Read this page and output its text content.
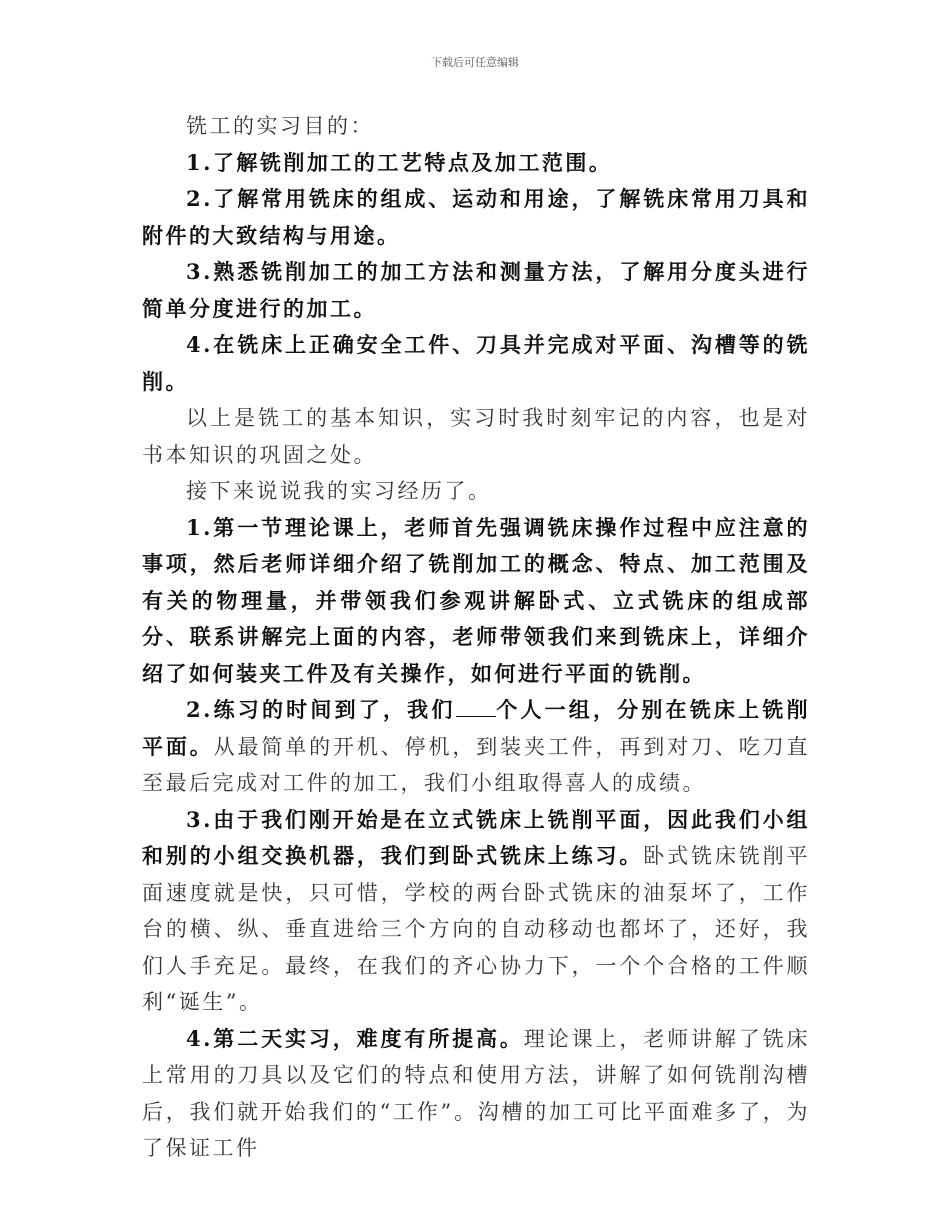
下载后可任意编辑

铣工的实习目的：

1.了解铣削加工的工艺特点及加工范围。

2.了解常用铣床的组成、运动和用途，了解铣床常用刀具和附件的大致结构与用途。

3.熟悉铣削加工的加工方法和测量方法，了解用分度头进行简单分度进行的加工。

4.在铣床上正确安全工件、刀具并完成对平面、沟槽等的铣削。

以上是铣工的基本知识，实习时我时刻牢记的内容，也是对书本知识的巩固之处。

接下来说说我的实习经历了。

1.第一节理论课上，老师首先强调铣床操作过程中应注意的事项，然后老师详细介绍了铣削加工的概念、特点、加工范围及有关的物理量，并带领我们参观讲解卧式、立式铣床的组成部分、联系讲解完上面的内容，老师带领我们来到铣床上，详细介绍了如何装夹工件及有关操作，如何进行平面的铣削。

2.练习的时间到了，我们 个人一组，分别在铣床上铣削平面。从最简单的开机、停机，到装夹工件，再到对刀、吃刀直至最后完成对工件的加工，我们小组取得喜人的成绩。

3.由于我们刚开始是在立式铣床上铣削平面，因此我们小组和别的小组交换机器，我们到卧式铣床上练习。卧式铣床铣削平面速度就是快，只可惜，学校的两台卧式铣床的油泵坏了，工作台的横、纵、垂直进给三个方向的自动移动也都坏了，还好，我们人手充足。最终，在我们的齐心协力下，一个个合格的工件顺利“诞生”。

4.第二天实习，难度有所提高。理论课上，老师讲解了铣床上常用的刀具以及它们的特点和使用方法，讲解了如何铣削沟槽后，我们就开始我们的“工作”。沟槽的加工可比平面难多了，为了保证工件
